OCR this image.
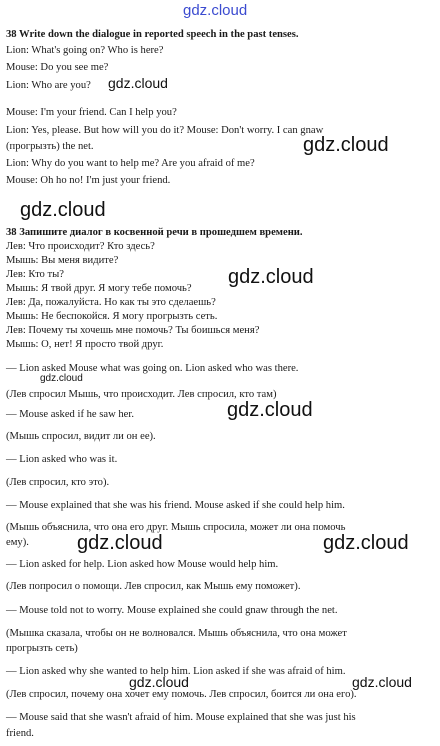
gdz.cloud
38 Write down the dialogue in reported speech in the past tenses.
Lion: What's going on? Who is here?
Mouse: Do you see me?
Lion: Who are you?
Mouse: I'm your friend. Can I help you?
Lion: Yes, please. But how will you do it? Mouse: Don't worry. I can gnaw
(прогрызть) the net.
Lion: Why do you want to help me? Are you afraid of me?
Mouse: Oh ho no! I'm just your friend.
38 Запишите диалог в косвенной речи в прошедшем времени.
Лев: Что происходит? Кто здесь?
Мышь: Вы меня видите?
Лев: Кто ты?
Мышь: Я твой друг. Я могу тебе помочь?
Лев: Да, пожалуйста. Но как ты это сделаешь?
Мышь: Не беспокойся. Я могу прогрызть сеть.
Лев: Почему ты хочешь мне помочь? Ты боишься меня?
Мышь: О, нет! Я просто твой друг.
— Lion asked Mouse what was going on. Lion asked who was there.
(Лев спросил Мышь, что происходит. Лев спросил, кто там)
— Mouse asked if he saw her.
(Мышь спросил, видит ли он ее).
— Lion asked who was it.
(Лев спросил, кто это).
— Mouse explained that she was his friend. Mouse asked if she could help him.
(Мышь объяснила, что она его друг. Мышь спросила, может ли она помочь
ему).
— Lion asked for help. Lion asked how Mouse would help him.
(Лев попросил о помощи. Лев спросил, как Мышь ему поможет).
— Mouse told not to worry. Mouse explained she could gnaw through the net.
(Мышка сказала, чтобы он не волновался. Мышь объяснила, что она может
прогрызть сеть)
— Lion asked why she wanted to help him. Lion asked if she was afraid of him.
(Лев спросил, почему она хочет ему помочь. Лев спросил, боится ли она его).
— Mouse said that she wasn't afraid of him. Mouse explained that she was just his
friend.
gdz.cloud
gdz.cloud
gdz.cloud
gdz.cloud
gdz.cloud
gdz.cloud
gdz.cloud	gdz.cloud
gdz.cloud	gdz.cloud
